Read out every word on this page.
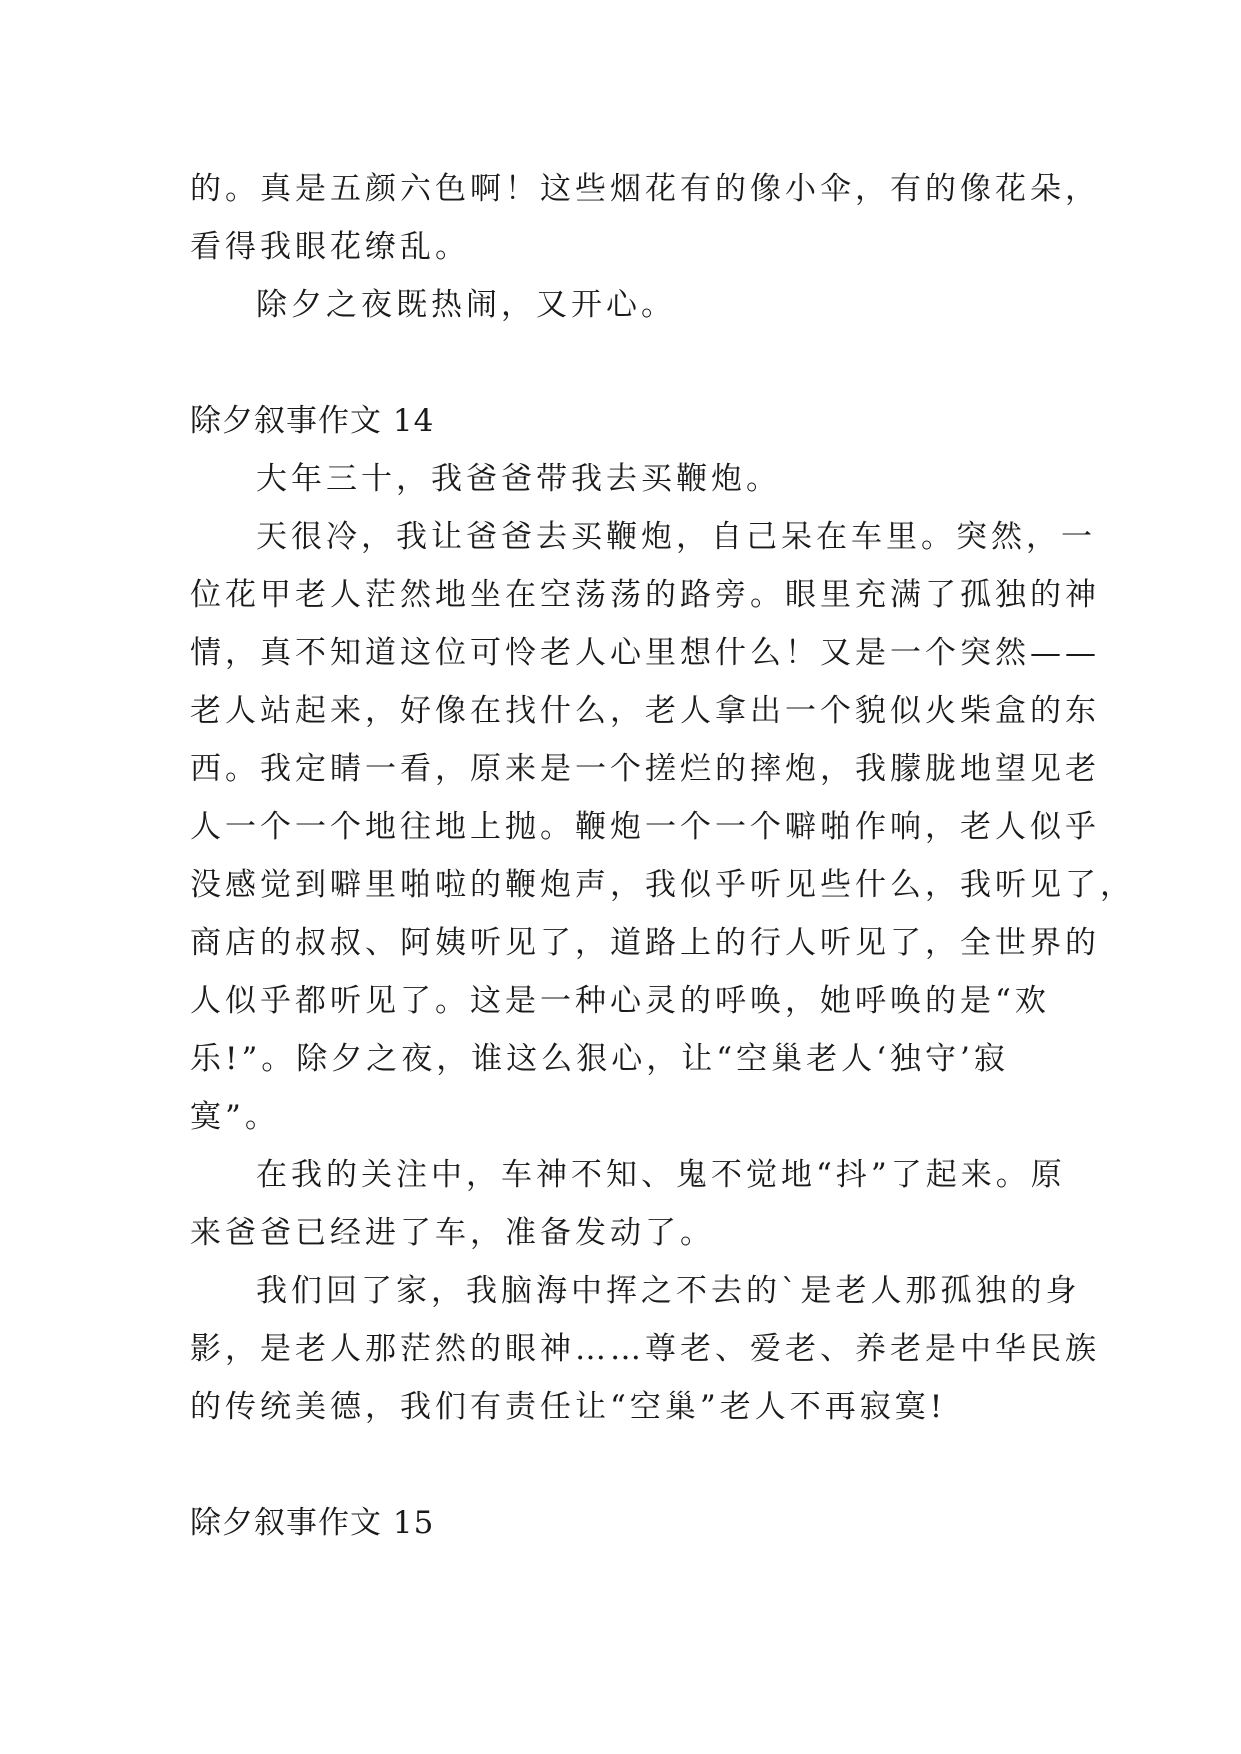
的。真是五颜六色啊！这些烟花有的像小伞，有的像花朵，
看得我眼花缭乱。
除夕之夜既热闹，又开心。
除夕叙事作文 14
大年三十，我爸爸带我去买鞭炮。
天很冷，我让爸爸去买鞭炮，自己呆在车里。突然，一
位花甲老人茫然地坐在空荡荡的路旁。眼里充满了孤独的神
情，真不知道这位可怜老人心里想什么！又是一个突然——
老人站起来，好像在找什么，老人拿出一个貌似火柴盒的东
西。我定睛一看，原来是一个搓烂的摔炮，我朦胧地望见老
人一个一个地往地上抛。鞭炮一个一个噼啪作响，老人似乎
没感觉到噼里啪啦的鞭炮声，我似乎听见些什么，我听见了，
商店的叔叔、阿姨听见了，道路上的行人听见了，全世界的
人似乎都听见了。这是一种心灵的呼唤，她呼唤的是“欢
乐!”。除夕之夜，谁这么狠心，让“空巢老人‘独守’寂
寞”。
在我的关注中，车神不知、鬼不觉地“抖”了起来。原
来爸爸已经进了车，准备发动了。
我们回了家，我脑海中挥之不去的`是老人那孤独的身
影，是老人那茫然的眼神……尊老、爱老、养老是中华民族
的传统美德，我们有责任让“空巢”老人不再寂寞!
除夕叙事作文 15
